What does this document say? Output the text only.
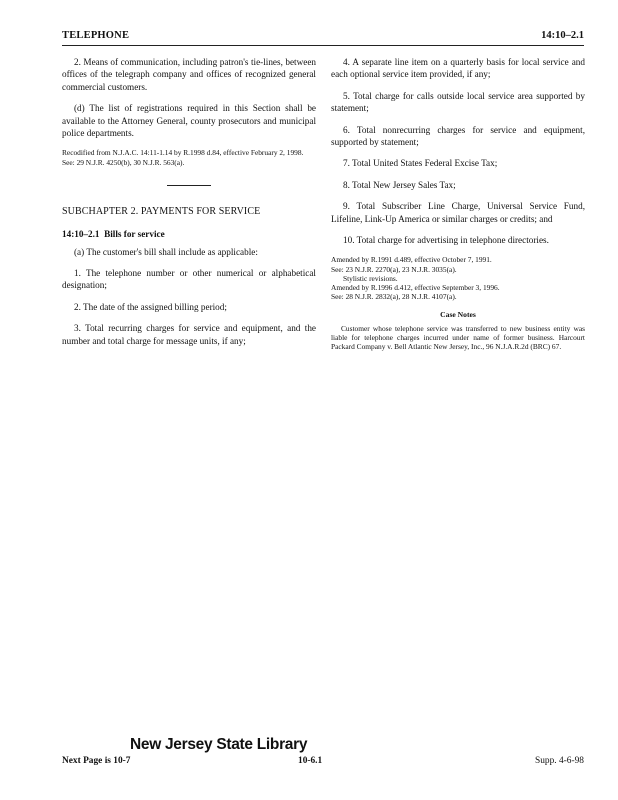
TELEPHONE	14:10–2.1

2. Means of communication, including patron's tie-lines, between offices of the telegraph company and offices of recognized general commercial customers.

(d) The list of registrations required in this Section shall be available to the Attorney General, county prosecutors and municipal police departments.

Recodified from N.J.A.C. 14:11-1.14 by R.1998 d.84, effective February 2, 1998.

See: 29 N.J.R. 4250(b), 30 N.J.R. 563(a).

SUBCHAPTER 2. PAYMENTS FOR SERVICE

14:10–2.1 Bills for service

(a) The customer's bill shall include as applicable:

1. The telephone number or other numerical or alphabetical designation;

2. The date of the assigned billing period;

3. Total recurring charges for service and equipment, and the number and total charge for message units, if any;

4. A separate line item on a quarterly basis for local service and each optional service item provided, if any;

5. Total charge for calls outside local service area supported by statement;

6. Total nonrecurring charges for service and equipment, supported by statement;

7. Total United States Federal Excise Tax;

8. Total New Jersey Sales Tax;

9. Total Subscriber Line Charge, Universal Service Fund, Lifeline, Link-Up America or similar charges or credits; and

10. Total charge for advertising in telephone directories.

Amended by R.1991 d.489, effective October 7, 1991.

See: 23 N.J.R. 2270(a), 23 N.J.R. 3035(a).

Stylistic revisions.

Amended by R.1996 d.412, effective September 3, 1996.

See: 28 N.J.R. 2832(a), 28 N.J.R. 4107(a).

Case Notes

Customer whose telephone service was transferred to new business entity was liable for telephone charges incurred under name of former business. Harcourt Packard Company v. Bell Atlantic New Jersey, Inc., 96 N.J.A.R.2d (BRC) 67.

New Jersey State Library
Next Page is 10-7	10-6.1	Supp. 4-6-98
